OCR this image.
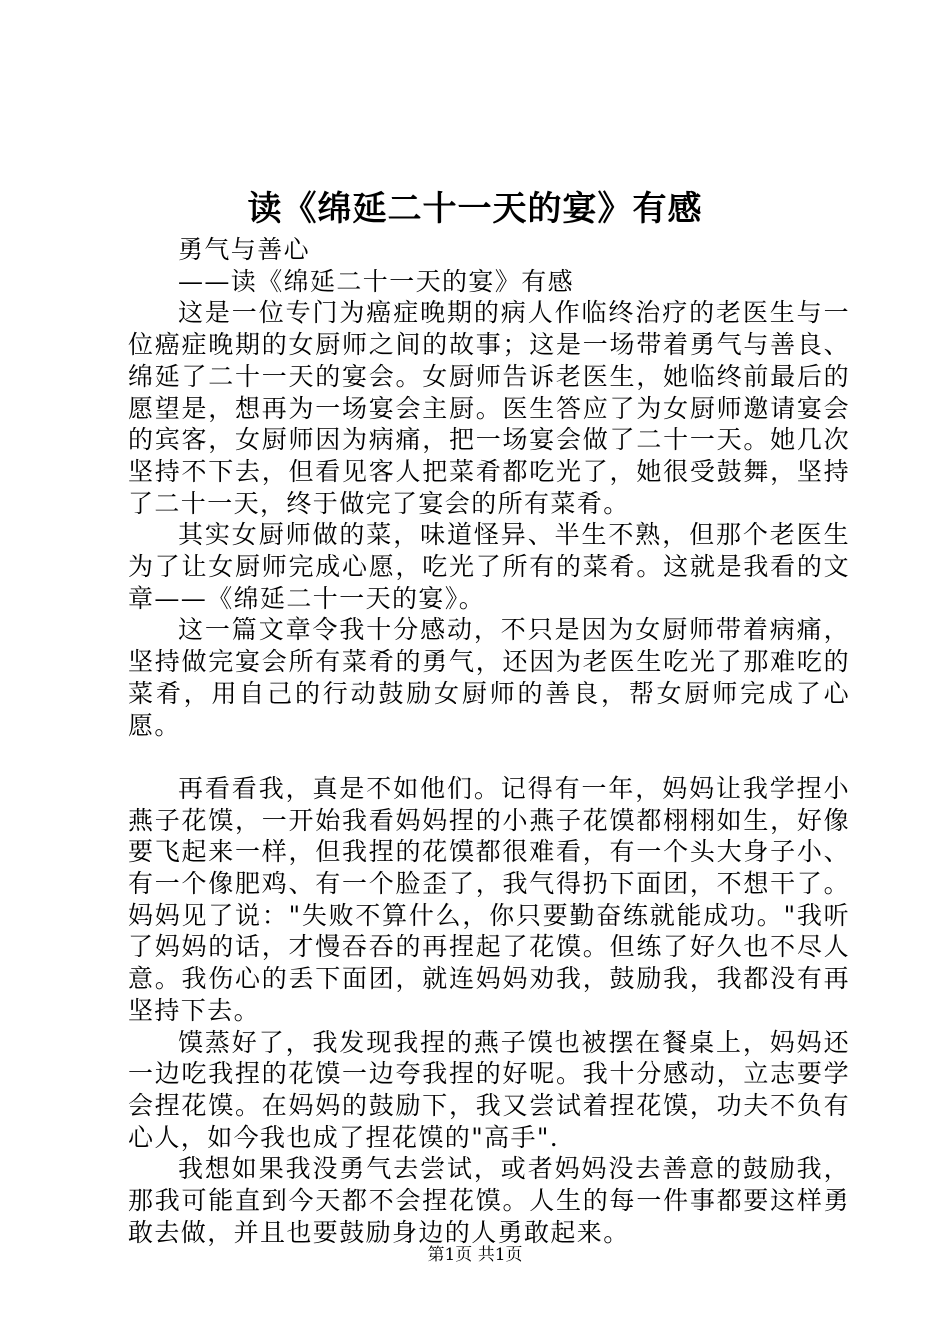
读《绵延二十一天的宴》有感

勇气与善心

——读《绵延二十一天的宴》有感

这是一位专门为癌症晚期的病人作临终治疗的老医生与一位癌症晚期的女厨师之间的故事；这是一场带着勇气与善良、绵延了二十一天的宴会。女厨师告诉老医生，她临终前最后的愿望是，想再为一场宴会主厨。医生答应了为女厨师邀请宴会的宾客，女厨师因为病痛，把一场宴会做了二十一天。她几次坚持不下去，但看见客人把菜肴都吃光了，她很受鼓舞，坚持了二十一天，终于做完了宴会的所有菜肴。

其实女厨师做的菜，味道怪异、半生不熟，但那个老医生为了让女厨师完成心愿，吃光了所有的菜肴。这就是我看的文章——《绵延二十一天的宴》。

这一篇文章令我十分感动，不只是因为女厨师带着病痛，坚持做完宴会所有菜肴的勇气，还因为老医生吃光了那难吃的菜肴，用自己的行动鼓励女厨师的善良，帮女厨师完成了心愿。

再看看我，真是不如他们。记得有一年，妈妈让我学捏小燕子花馍，一开始我看妈妈捏的小燕子花馍都栩栩如生，好像要飞起来一样，但我捏的花馍都很难看，有一个头大身子小、有一个像肥鸡、有一个脸歪了，我气得扔下面团，不想干了。妈妈见了说："失败不算什么，你只要勤奋练就能成功。"我听了妈妈的话，才慢吞吞的再捏起了花馍。但练了好久也不尽人意。我伤心的丢下面团，就连妈妈劝我，鼓励我，我都没有再坚持下去。

馍蒸好了，我发现我捏的燕子馍也被摆在餐桌上，妈妈还一边吃我捏的花馍一边夸我捏的好呢。我十分感动，立志要学会捏花馍。在妈妈的鼓励下，我又尝试着捏花馍，功夫不负有心人，如今我也成了捏花馍的"高手".

我想如果我没勇气去尝试，或者妈妈没去善意的鼓励我，那我可能直到今天都不会捏花馍。人生的每一件事都要这样勇敢去做，并且也要鼓励身边的人勇敢起来。

第1页 共1页
